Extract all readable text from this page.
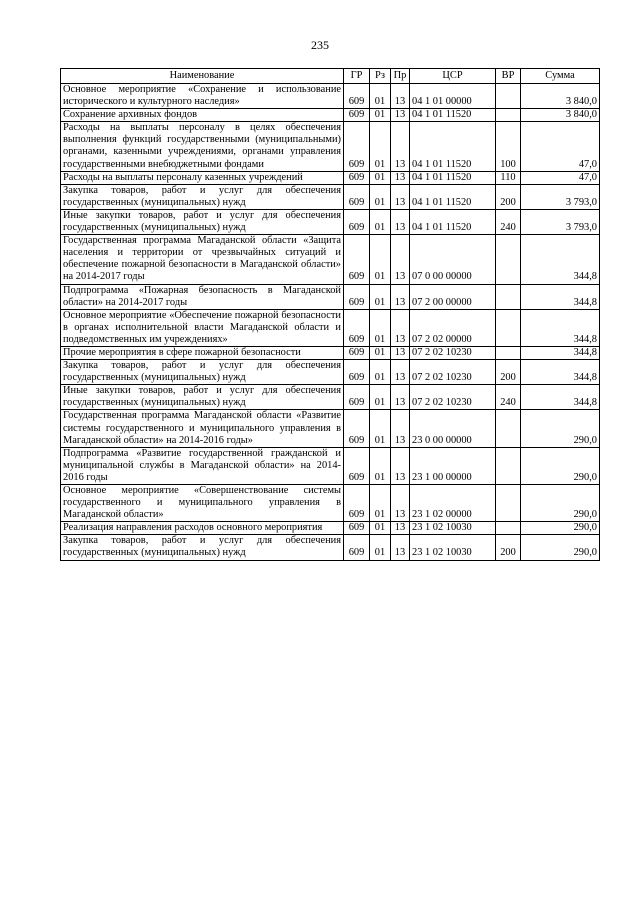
235
Наименование	ГР	Рз	Пр	ЦСР	ВР	Сумма
Основное мероприятие «Сохранение и использование исторического и культурного наследия»	609	01	13	04 1 01 00000		3 840,0
Сохранение архивных фондов	609	01	13	04 1 01 11520		3 840,0
Расходы на выплаты персоналу в целях обеспечения выполнения функций государственными (муниципальными) органами, казенными учреждениями, органами управления государственными внебюджетными фондами	609	01	13	04 1 01 11520	100	47,0
Расходы на выплаты персоналу казенных учреждений	609	01	13	04 1 01 11520	110	47,0
Закупка товаров, работ и услуг для обеспечения государственных (муниципальных) нужд	609	01	13	04 1 01 11520	200	3 793,0
Иные закупки товаров, работ и услуг для обеспечения государственных (муниципальных) нужд	609	01	13	04 1 01 11520	240	3 793,0
Государственная программа Магаданской области «Защита населения и территории от чрезвычайных ситуаций и обеспечение пожарной безопасности в Магаданской области» на 2014-2017 годы	609	01	13	07 0 00 00000		344,8
Подпрограмма «Пожарная безопасность в Магаданской области» на 2014-2017 годы	609	01	13	07 2 00 00000		344,8
Основное мероприятие «Обеспечение пожарной безопасности в органах исполнительной власти Магаданской области и подведомственных им учреждениях»	609	01	13	07 2 02 00000		344,8
Прочие мероприятия в сфере пожарной безопасности	609	01	13	07 2 02 10230		344,8
Закупка товаров, работ и услуг для обеспечения государственных (муниципальных) нужд	609	01	13	07 2 02 10230	200	344,8
Иные закупки товаров, работ и услуг для обеспечения государственных (муниципальных) нужд	609	01	13	07 2 02 10230	240	344,8
Государственная программа Магаданской области «Развитие системы государственного и муниципального управления в Магаданской области» на 2014-2016 годы»	609	01	13	23 0 00 00000		290,0
Подпрограмма «Развитие государственной гражданской и муниципальной службы в Магаданской области» на 2014-2016 годы	609	01	13	23 1 00 00000		290,0
Основное мероприятие «Совершенствование системы государственного и муниципального управления в Магаданской области»	609	01	13	23 1 02 00000		290,0
Реализация направления расходов основного мероприятия	609	01	13	23 1 02 10030		290,0
Закупка товаров, работ и услуг для обеспечения государственных (муниципальных) нужд	609	01	13	23 1 02 10030	200	290,0
